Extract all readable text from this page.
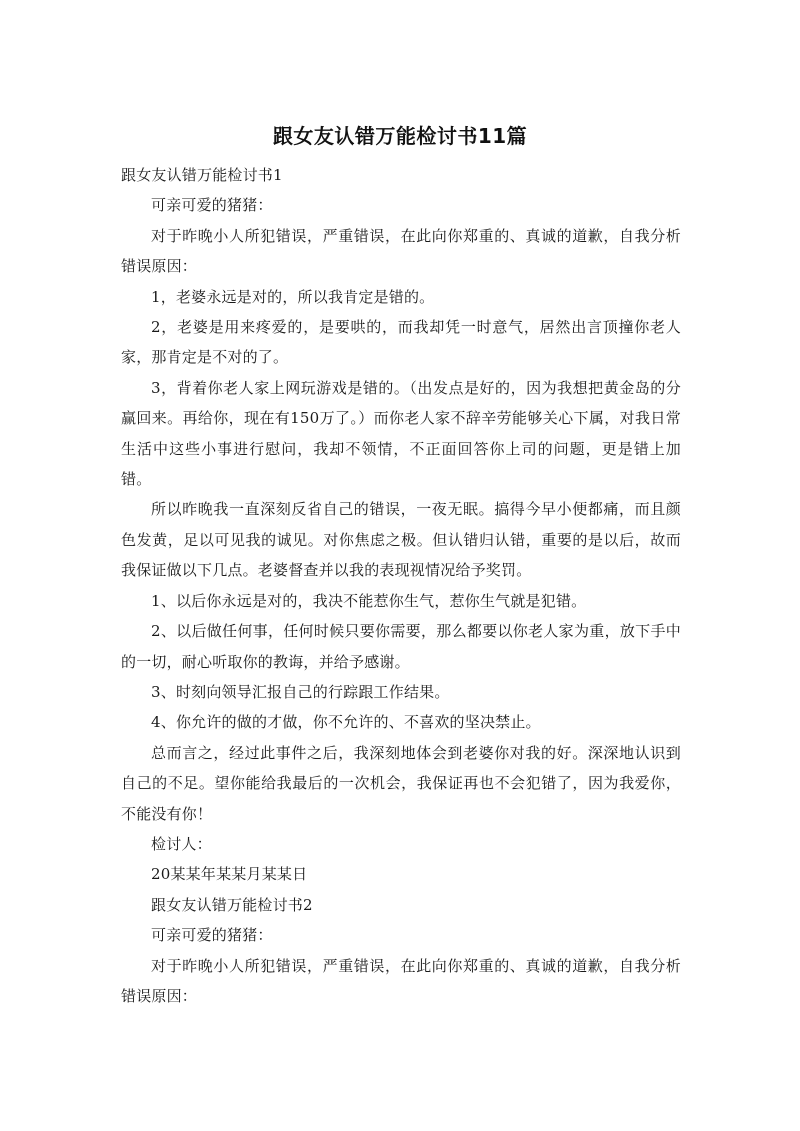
跟女友认错万能检讨书11篇

跟女友认错万能检讨书1

可亲可爱的猪猪：

对于昨晚小人所犯错误，严重错误，在此向你郑重的、真诚的道歉，自我分析错误原因：

1，老婆永远是对的，所以我肯定是错的。

2，老婆是用来疼爱的，是要哄的，而我却凭一时意气，居然出言顶撞你老人家，那肯定是不对的了。

3，背着你老人家上网玩游戏是错的。（出发点是好的，因为我想把黄金岛的分赢回来。再给你，现在有150万了。）而你老人家不辞辛劳能够关心下属，对我日常生活中这些小事进行慰问，我却不领情，不正面回答你上司的问题，更是错上加错。

所以昨晚我一直深刻反省自己的错误，一夜无眠。搞得今早小便都痛，而且颜色发黄，足以可见我的诚见。对你焦虑之极。但认错归认错，重要的是以后，故而我保证做以下几点。老婆督查并以我的表现视情况给予奖罚。

1、以后你永远是对的，我决不能惹你生气，惹你生气就是犯错。

2、以后做任何事，任何时候只要你需要，那么都要以你老人家为重，放下手中的一切，耐心听取你的教诲，并给予感谢。

3、时刻向领导汇报自己的行踪跟工作结果。

4、你允许的做的才做，你不允许的、不喜欢的坚决禁止。

总而言之，经过此事件之后，我深刻地体会到老婆你对我的好。深深地认识到自己的不足。望你能给我最后的一次机会，我保证再也不会犯错了，因为我爱你，不能没有你！

检讨人：

20某某年某某月某某日

跟女友认错万能检讨书2

可亲可爱的猪猪：

对于昨晚小人所犯错误，严重错误，在此向你郑重的、真诚的道歉，自我分析错误原因：
